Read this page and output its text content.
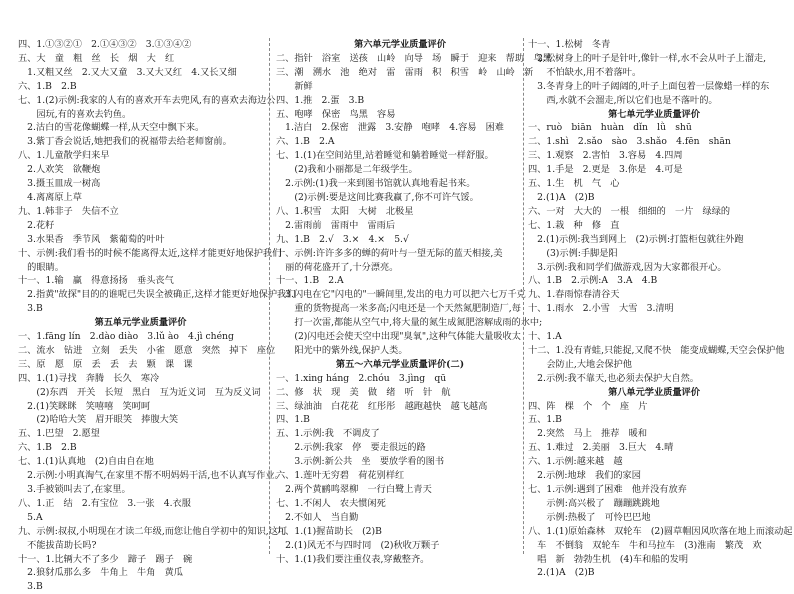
四、1.①③②①　2.①④③②　3.①③④②
五、大　童　粗　丝　长　烟　大　红
　1.又粗又丝　2.又大又童　3.又大又红　4.又长又细
六、1.B　2.B
七、1.(2)示例:我家的人有的喜欢开车去兜风,有的喜欢去海边公
　　园玩,有的喜欢去钓鱼。
　2.沽白的雪花像蝴蝶一样,从天空中飘下来。
　3.紫丁香会说话,她把我们的祝福带去给老师窗前。
八、1.儿童散学归来早
　2.人欢笑　欲鞭炮
　3.摄玉皿成一树高
　4.离离原上草
九、1.韩非子　失信不立
　2.花籽
　3.水果香　季节风　紫葡萄的叶叶
十、示例:我们看书的时候不能离得太近,这样才能更好地保护我们
　的眼睛。
十一、1.输　赢　得意扬扬　垂头丧气
　2.指黄"故探"目的的谁呢已失误全被确正,这样才能更好地保护我们
　3.B
第五单元学业质量评价
一、1.fāng lín　2.dào diào　3.lǔ ào　4.jì chéng
二、流水　钻进　立刻　丢失　小雀　愿意　突然　掉下　座位
三、原　愿　原　丢　丢　去　颗　课　课
四、1.(1)寻找　奔腾　长久　寒冷
　　(2)东西　开关　长短　黑白　互为近义词　互为反义词
　2.(1)笑眯眯　笑嘻嘻　笑呵呵
　　(2)哈哈大笑　眉开眼笑　捧腹大笑
五、1.巴望　2.愿望
六、1.B　2.B
七、1.(1)认真地　(2)自由自在地
　2.示例:小明真淘气,在家里不帮不明妈妈干活,也不认真写作业。
　3.手被锁叫去了,在家里。
八、1.正　结　2.有宝位　3.一张　4.衣服
　5.A
九、示例:叔叔,小明现在才读二年级,而您让他自学初中的知识,这可
　不能拔苗助长吗?
十一、1.比辆大不了多少　蹄子　踢子　碗
　2.狼豺瓜那么多　牛角上　牛角　黄瓜
　3.B
第六单元学业质量评价
二、指针　浴室　送孩　山岭　向导　场　瞬于　迎来　帮助　鸟黑
三、潮　溯水　池　绝对　雷　雷雨　积　积雪　岭　山岭　新
　　新鲜
四、1.推　2.蛋　3.B
五、咆哮　保密　鸟黑　容易
　1.洁白　2.保密　泄露　3.安静　咆哮　4.容易　困难
六、1.B　2.A
七、1.(1)在空间站里,站着睡觉和躺着睡觉一样舒服。
　　(2)我和小丽都是二年级学生。
　2.示例:(1)我一来到图书馆就认真地看起书来。
　　(2)示例:要是这间比赛我赢了,你不可许气馁。
八、1.积雪　太阳　大树　北极星
　2.雷雨前　雷雨中　雷雨后
九、1.B　2.√　3.×　4.×　5.√
十、示例:许许多多的蝉的荷叶与一望无际的蓝天相接,美
　丽的荷花盛开了,十分漂亮。
十一、1.B　2.A
　3.闪电在它"闪电的"一瞬间里,发出的电力可以把六七万千克
　　重的货物提高一米多高;闪电还是一个天然氮肥制造厂,每
　　打一次雷,都能从空气中,将大量的氮生成氮肥溶解成雨的水中;
　　(2)闪电还会使天空中出现"臭氧",这种气体能大量吸收太
　　阳光中的紫外线,保护人类。
第五～六单元学业质量评价(二)
一、1.xing háng　2.chóu　3.jìng　qū
二、修　状　现　美　做　绪　听　针　航
三、绿油油　白花花　红彤彤　越跑越快　越飞越高
四、1.B
五、1.示例:我　不调皮了
　　2.示例:我家　停　要走很远的路
　　3.示例:新公共　坐　要放学看的图书
六、1.莲叶无穷碧　荷花别样红
　2.两个黄鹂鸣翠柳　一行白鹭上青天
七、1.不闲人　农夫惯闲死
　2.不如人　当自勤
九、1.(1)握苗助长　(2)B
　2.(1)风无不与四时同　(2)秋收万颗子
十、1.(1)我们要注重仪表,穿戴整齐。
十一、1.松树　冬青
　2.松树身上的叶子是针叶,像针一样,水不会从叶子上溜走,
　　不怕缺水,用不着落叶。
　3.冬青身上的叶子阔阔的,叶子上面包着一层像蜡一样的东
　　西,水就不会溜走,所以它们也是不落叶的。
第七单元学业质量评价
一、ruò　biān　huàn　dǐn　lǜ　shū
二、1.shì　2.sǎo　sào　3.shǎo　4.fēn　shān
三、1.观察　2.害怕　3.容易　4.四周
四、1.手是　2.更是　3.你是　4.可是
五、1.生　机　气　心
　2.(1)A　(2)B
六、一对　大大的　一根　细细的　一片　绿绿的
七、1.栽　种　修　直
　2.(1)示例:我当到网上　(2)示例:打篮柜包就往外跑
　　(3)示例:手脚是阳
　3.示例:我和同学们做游戏,因为大家都很开心。
八、1.B　2.示例:A　3.A　4.B
九、1.春雨惊春清谷天
十、1.雨水　2.小雪　大雪　3.清明

十、1.A
十二、1.没有青蛙,只能捉,又爬不快　能变成蝴蝶,天空会保护他
　　会防止,大地会保护他
　2.示例:我不靠天,也必须去保护大自然。
第八单元学业质量评价
四、阵　棵　个　个　座　片
五、1.B
　2.突然　马上　推荐　暖和
五、1.难过　2.美丽　3.巨大　4.晴
六、1.示例:越来越　越
　2.示例:地球　我们的家园
七、1.示例:遇到了困难　他并没有放弃
　　示例:高兴极了　蹦蹦跳跳地
　　示例:热极了　可怜巴巴地
八、1.(1)原始森林　双轮车　(2)圆草帽因风吹落在地上而滚动起
　车　不倒翁　双轮车　牛和马拉车　(3)淮南　繁茂　欢
　唱　新　勃勃生机　(4)车和船的发明
　2.(1)A　(2)B
